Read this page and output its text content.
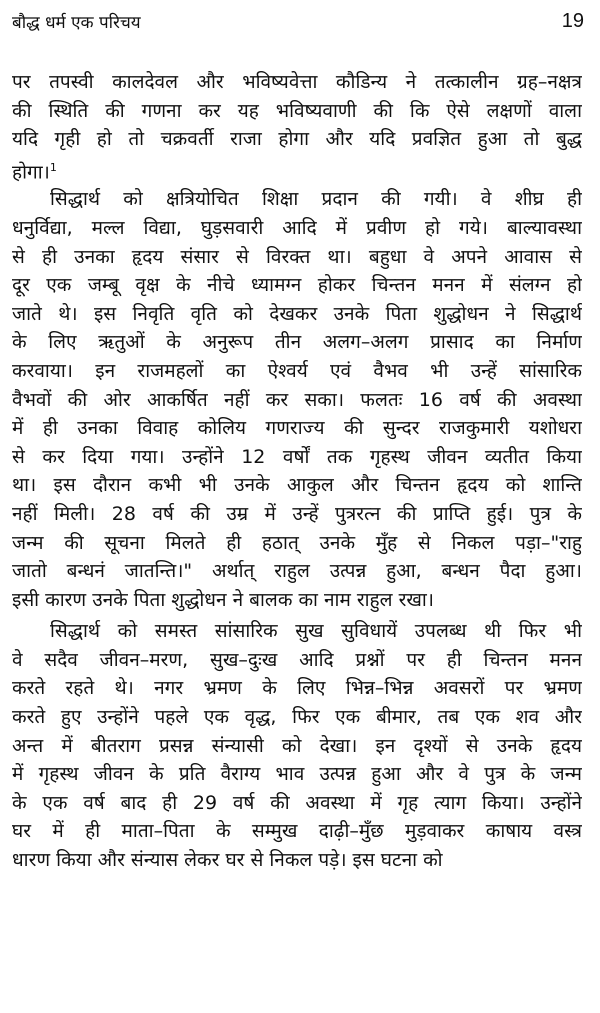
बौद्ध धर्म एक परिचय	19
पर तपस्वी कालदेवल और भविष्यवेत्ता कौडिन्य ने तत्कालीन ग्रह–नक्षत्र
की स्थिति की गणना कर यह भविष्यवाणी की कि ऐसे लक्षणों वाला
यदि गृही हो तो चक्रवर्ती राजा होगा और यदि प्रवज्ञित हुआ तो बुद्ध
होगा।$^1$
सिद्धार्थ को क्षत्रियोचित शिक्षा प्रदान की गयी। वे शीघ्र ही
धनुर्विद्या, मल्ल विद्या, घुड़सवारी आदि में प्रवीण हो गये। बाल्यावस्था
से ही उनका हृदय संसार से विरक्त था। बहुधा वे अपने आवास से
दूर एक जम्बू वृक्ष के नीचे ध्यामग्न होकर चिन्तन मनन में संलग्न हो
जाते थे। इस निवृति वृति को देखकर उनके पिता शुद्धोधन ने सिद्धार्थ
के लिए ऋतुओं के अनुरूप तीन अलग–अलग प्रासाद का निर्माण
करवाया। इन राजमहलों का ऐश्वर्य एवं वैभव भी उन्हें सांसारिक
वैभवों की ओर आकर्षित नहीं कर सका। फलतः 16 वर्ष की अवस्था
में ही उनका विवाह कोलिय गणराज्य की सुन्दर राजकुमारी यशोधरा
से कर दिया गया। उन्होंने 12 वर्षों तक गृहस्थ जीवन व्यतीत किया
था। इस दौरान कभी भी उनके आकुल और चिन्तन हृदय को शान्ति
नहीं मिली। 28 वर्ष की उम्र में उन्हें पुत्ररत्न की प्राप्ति हुई। पुत्र के
जन्म की सूचना मिलते ही हठात् उनके मुँह से निकल पड़ा–"राहु
जातो बन्धनं जातन्ति।" अर्थात् राहुल उत्पन्न हुआ, बन्धन पैदा हुआ।
इसी कारण उनके पिता शुद्धोधन ने बालक का नाम राहुल रखा।
सिद्धार्थ को समस्त सांसारिक सुख सुविधायें उपलब्ध थी फिर भी
वे सदैव जीवन–मरण, सुख–दुःख आदि प्रश्नों पर ही चिन्तन मनन
करते रहते थे। नगर भ्रमण के लिए भिन्न–भिन्न अवसरों पर भ्रमण
करते हुए उन्होंने पहले एक वृद्ध, फिर एक बीमार, तब एक शव और
अन्त में बीतराग प्रसन्न संन्यासी को देखा। इन दृश्यों से उनके हृदय
में गृहस्थ जीवन के प्रति वैराग्य भाव उत्पन्न हुआ और वे पुत्र के जन्म
के एक वर्ष बाद ही 29 वर्ष की अवस्था में गृह त्याग किया। उन्होंने
घर में ही माता–पिता के सम्मुख दाढ़ी–मुँछ मुड़वाकर काषाय वस्त्र
धारण किया और संन्यास लेकर घर से निकल पड़े। इस घटना को
